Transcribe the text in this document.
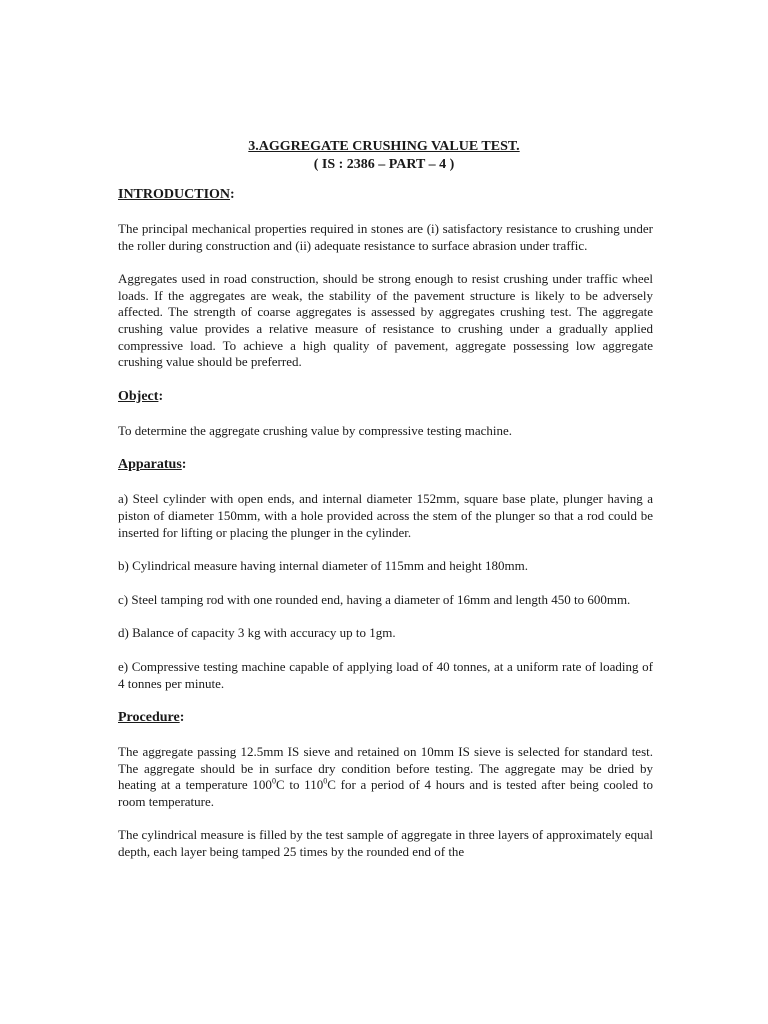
3.AGGREGATE CRUSHING VALUE TEST.
( IS : 2386 – PART – 4 )
INTRODUCTION:

The principal mechanical properties required in stones are (i) satisfactory resistance to crushing under the roller during construction and (ii) adequate resistance to surface abrasion under traffic.

Aggregates used in road construction, should be strong enough to resist crushing under traffic wheel loads. If the aggregates are weak, the stability of the pavement structure is likely to be adversely affected. The strength of coarse aggregates is assessed by aggregates crushing test. The aggregate crushing value provides a relative measure of resistance to crushing under a gradually applied compressive load. To achieve a high quality of pavement, aggregate possessing low aggregate crushing value should be preferred.

Object:

To determine the aggregate crushing value by compressive testing machine.

Apparatus:

a) Steel cylinder with open ends, and internal diameter 152mm, square base plate, plunger having a piston of diameter 150mm, with a hole provided across the stem of the plunger so that a rod could be inserted for lifting or placing the plunger in the cylinder.

b) Cylindrical measure having internal diameter of 115mm and height 180mm.

c) Steel tamping rod with one rounded end, having a diameter of 16mm and length 450 to 600mm.

d) Balance of capacity 3 kg with accuracy up to 1gm.

e) Compressive testing machine capable of applying load of 40 tonnes, at a uniform rate of loading of 4 tonnes per minute.

Procedure:

The aggregate passing 12.5mm IS sieve and retained on 10mm IS sieve is selected for standard test. The aggregate should be in surface dry condition before testing. The aggregate may be dried by heating at a temperature $100^0C$ to $110^0C$ for a period of 4 hours and is tested after being cooled to room temperature.

The cylindrical measure is filled by the test sample of aggregate in three layers of approximately equal depth, each layer being tamped 25 times by the rounded end of the
